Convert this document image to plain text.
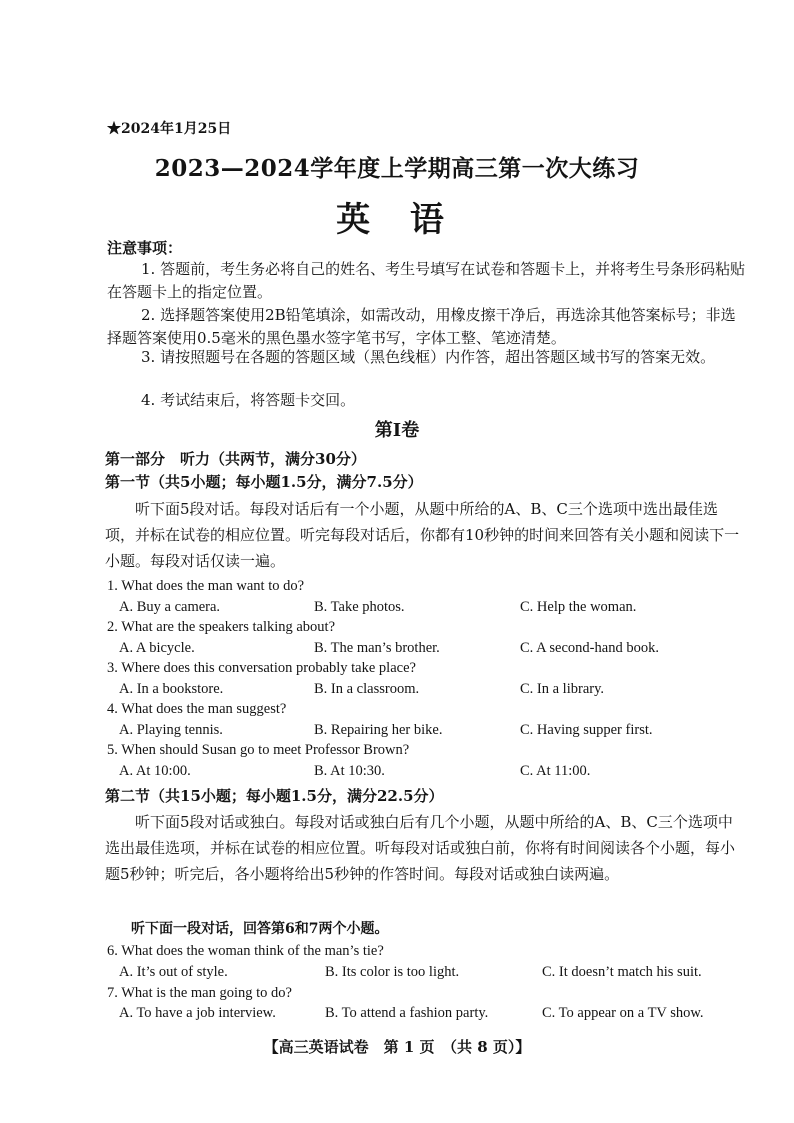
★2024年1月25日
2023—2024学年度上学期高三第一次大练习
英 语
注意事项：
1. 答题前，考生务必将自己的姓名、考生号填写在试卷和答题卡上，并将考生号条形码粘贴在答题卡上的指定位置。
2. 选择题答案使用2B铅笔填涂，如需改动，用橡皮擦干净后，再选涂其他答案标号；非选择题答案使用0.5毫米的黑色墨水签字笔书写，字体工整、笔迹清楚。
3. 请按照题号在各题的答题区域（黑色线框）内作答，超出答题区域书写的答案无效。
4. 考试结束后，将答题卡交回。
第Ⅰ卷
第一部分　听力（共两节，满分30分）
第一节（共5小题；每小题1.5分，满分7.5分）
听下面5段对话。每段对话后有一个小题，从题中所给的A、B、C三个选项中选出最佳选项，并标在试卷的相应位置。听完每段对话后，你都有10秒钟的时间来回答有关小题和阅读下一小题。每段对话仅读一遍。
1. What does the man want to do?
A. Buy a camera.	B. Take photos.	C. Help the woman.
2. What are the speakers talking about?
A. A bicycle.	B. The man’s brother.	C. A second-hand book.
3. Where does this conversation probably take place?
A. In a bookstore.	B. In a classroom.	C. In a library.
4. What does the man suggest?
A. Playing tennis.	B. Repairing her bike.	C. Having supper first.
5. When should Susan go to meet Professor Brown?
A. At 10:00.	B. At 10:30.	C. At 11:00.
第二节（共15小题；每小题1.5分，满分22.5分）
听下面5段对话或独白。每段对话或独白后有几个小题，从题中所给的A、B、C三个选项中选出最佳选项，并标在试卷的相应位置。听每段对话或独白前，你将有时间阅读各个小题，每小题5秒钟；听完后，各小题将给出5秒钟的作答时间。每段对话或独白读两遍。
听下面一段对话，回答第6和7两个小题。
6. What does the woman think of the man’s tie?
A. It’s out of style.	B. Its color is too light.	C. It doesn’t match his suit.
7. What is the man going to do?
A. To have a job interview.	B. To attend a fashion party.	C. To appear on a TV show.
【高三英语试卷　第 1 页　（共 8 页）】
